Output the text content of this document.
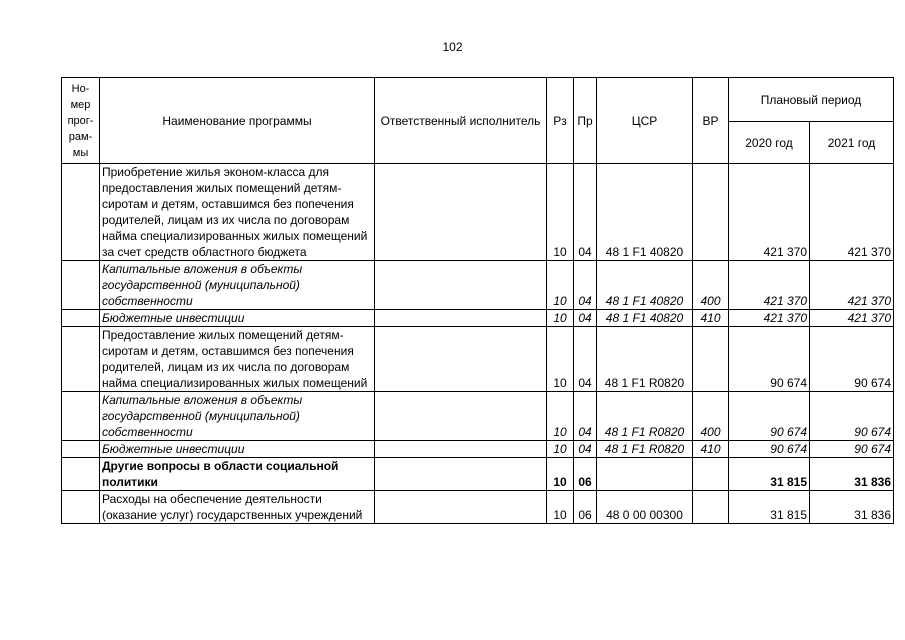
102
Но-мер прог-рам-мы	Наименование программы	Ответственный исполнитель	Рз	Пр	ЦСР	ВР	Плановый период	
							2020 год	2021 год
	Приобретение жилья эконом-класса для предоставления жилых помещений детям-сиротам и детям, оставшимся без попечения родителей, лицам из их числа по договорам найма специализированных жилых помещений за счет средств областного бюджета		10	04	48 1 F1 40820		421 370	421 370
	Капитальные вложения в объекты государственной (муниципальной) собственности		10	04	48 1 F1 40820	400	421 370	421 370
	Бюджетные инвестиции		10	04	48 1 F1 40820	410	421 370	421 370
	Предоставление жилых помещений детям-сиротам и детям, оставшимся без попечения родителей, лицам из их числа по договорам найма специализированных жилых помещений		10	04	48 1 F1 R0820		90 674	90 674
	Капитальные вложения в объекты государственной (муниципальной) собственности		10	04	48 1 F1 R0820	400	90 674	90 674
	Бюджетные инвестиции		10	04	48 1 F1 R0820	410	90 674	90 674
	Другие вопросы в области социальной политики		10	06			31 815	31 836
	Расходы на обеспечение деятельности (оказание услуг) государственных учреждений		10	06	48 0 00 00300		31 815	31 836
